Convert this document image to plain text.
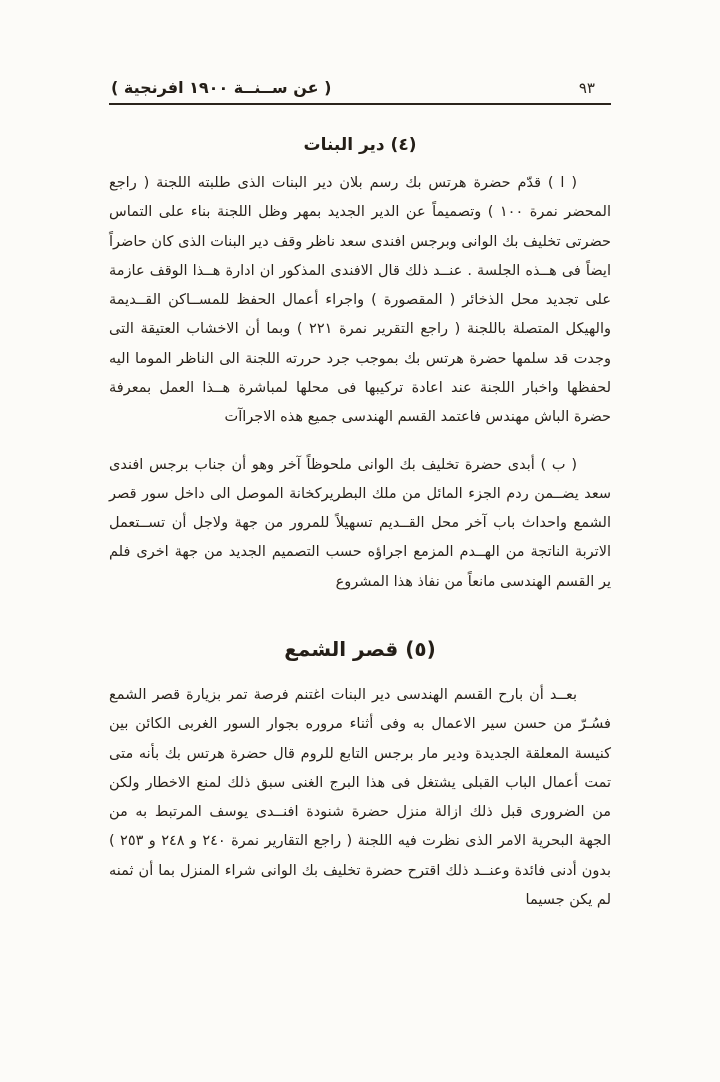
( عن ســنــة ١٩٠٠ افرنجية )	٩٣
(٤) دير البنات

( ا ) قدّم حضرة هرتس بك رسم بلان دير البنات الذى طلبته اللجنة ( راجع المحضر نمرة ١٠٠ ) وتصميماً عن الدير الجديد بمهر وظل اللجنة بناء على التماس حضرتى تخليف بك الوانى وبرجس افندى سعد ناظر وقف دير البنات الذى كان حاضراً ايضاً فى هــذه الجلسة . عنــد ذلك قال الافندى المذكور ان ادارة هــذا الوقف عازمة على تجديد محل الذخائر ( المقصورة ) واجراء أعمال الحفظ للمســاكن القــديمة والهيكل المتصلة باللجنة ( راجع التقرير نمرة ٢٢١ ) وبما أن الاخشاب العتيقة التى وجدت قد سلمها حضرة هرتس بك بموجب جرد حررته اللجنة الى الناظر الموما اليه لحفظها واخبار اللجنة عند اعادة تركيبها فى محلها لمباشرة هــذا العمل بمعرفة حضرة الباش مهندس فاعتمد القسم الهندسى جميع هذه الاجراآت

( ب ) أبدى حضرة تخليف بك الوانى ملحوظاً آخر وهو أن جناب برجس افندى سعد يضــمن ردم الجزء المائل من ملك البطريركخانة الموصل الى داخل سور قصر الشمع واحداث باب آخر محل القــديم تسهيلاً للمرور من جهة ولاجل أن تســتعمل الاتربة الناتجة من الهــدم المزمع اجراؤه حسب التصميم الجديد من جهة اخرى فلم ير القسم الهندسى مانعاً من نفاذ هذا المشروع

(٥) قصر الشمع

بعــد أن بارح القسم الهندسى دير البنات اغتنم فرصة تمر بزيارة قصر الشمع فسُـرّ من حسن سير الاعمال به وفى أثناء مروره بجوار السور الغربى الكائن بين كنيسة المعلقة الجديدة ودير مار برجس التابع للروم قال حضرة هرتس بك بأنه متى تمت أعمال الباب القبلى يشتغل فى هذا البرج الغنى سبق ذلك لمنع الاخطار ولكن من الضرورى قبل ذلك ازالة منزل حضرة شنودة افنــدى يوسف المرتبط به من الجهة البحرية الامر الذى نظرت فيه اللجنة ( راجع التقارير نمرة ٢٤٠ و ٢٤٨ و ٢٥٣ ) بدون أدنى فائدة وعنــد ذلك اقترح حضرة تخليف بك الوانى شراء المنزل بما أن ثمنه لم يكن جسيما
